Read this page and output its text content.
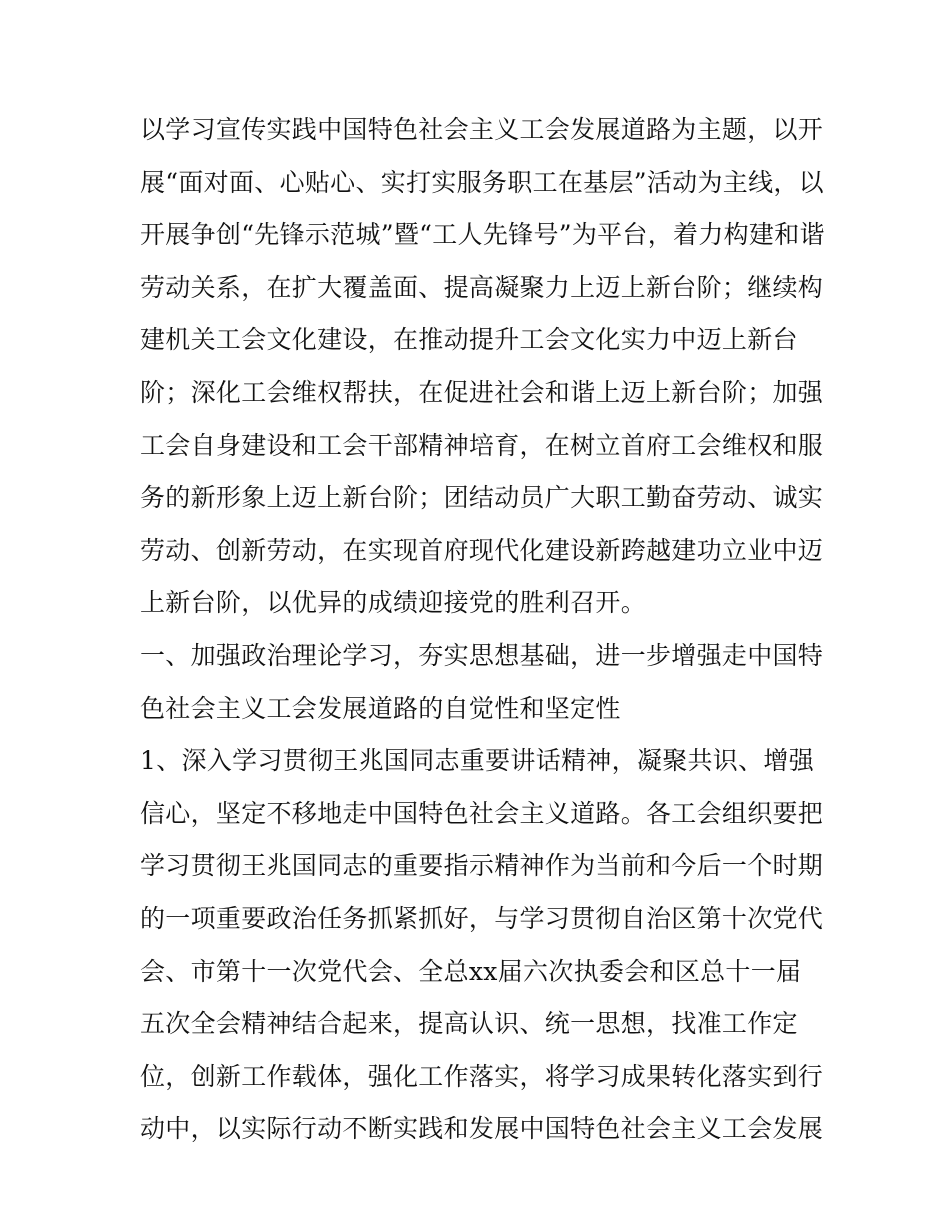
以学习宣传实践中国特色社会主义工会发展道路为主题，以开
展“面对面、心贴心、实打实服务职工在基层”活动为主线，以
开展争创“先锋示范城”暨“工人先锋号”为平台，着力构建和谐
劳动关系，在扩大覆盖面、提高凝聚力上迈上新台阶；继续构
建机关工会文化建设，在推动提升工会文化实力中迈上新台
阶；深化工会维权帮扶，在促进社会和谐上迈上新台阶；加强
工会自身建设和工会干部精神培育，在树立首府工会维权和服
务的新形象上迈上新台阶；团结动员广大职工勤奋劳动、诚实
劳动、创新劳动，在实现首府现代化建设新跨越建功立业中迈
上新台阶，以优异的成绩迎接党的胜利召开。
一、加强政治理论学习，夯实思想基础，进一步增强走中国特
色社会主义工会发展道路的自觉性和坚定性
1、深入学习贯彻王兆国同志重要讲话精神，凝聚共识、增强
信心，坚定不移地走中国特色社会主义道路。各工会组织要把
学习贯彻王兆国同志的重要指示精神作为当前和今后一个时期
的一项重要政治任务抓紧抓好，与学习贯彻自治区第十次党代
会、市第十一次党代会、全总xx届六次执委会和区总十一届
五次全会精神结合起来，提高认识、统一思想，找准工作定
位，创新工作载体，强化工作落实，将学习成果转化落实到行
动中，以实际行动不断实践和发展中国特色社会主义工会发展
